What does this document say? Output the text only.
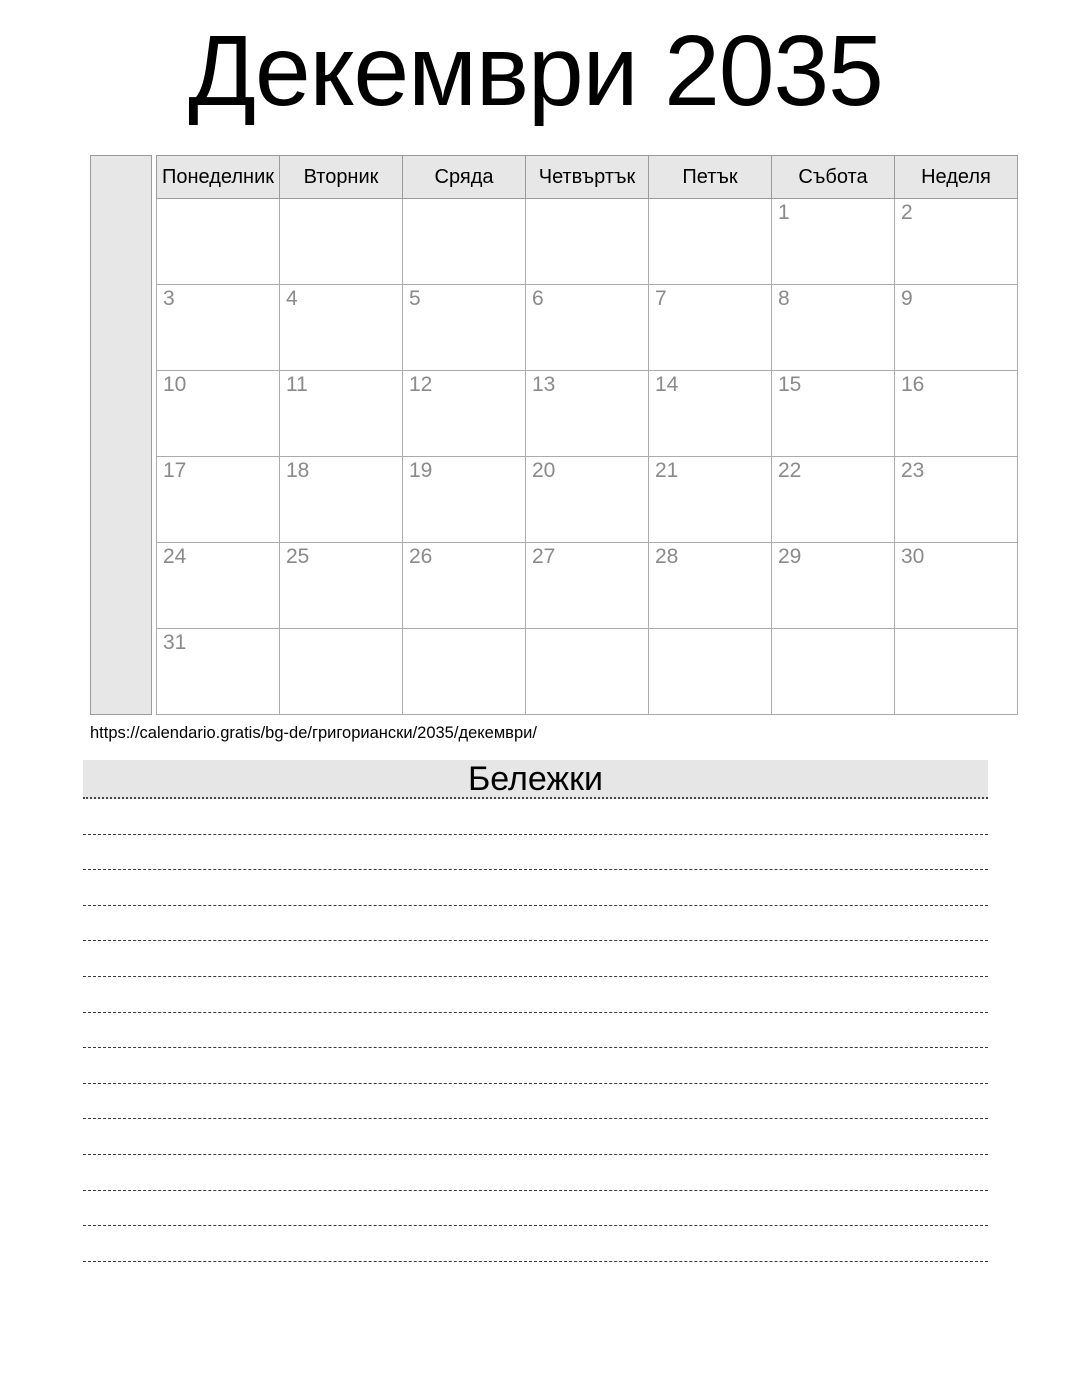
Декември 2035
Понеделник	Вторник	Сряда	Четвъртък	Петък	Събота	Неделя
					1	2
3	4	5	6	7	8	9
10	11	12	13	14	15	16
17	18	19	20	21	22	23
24	25	26	27	28	29	30
31						
https://calendario.gratis/bg-de/григориански/2035/декември/
Бележки
